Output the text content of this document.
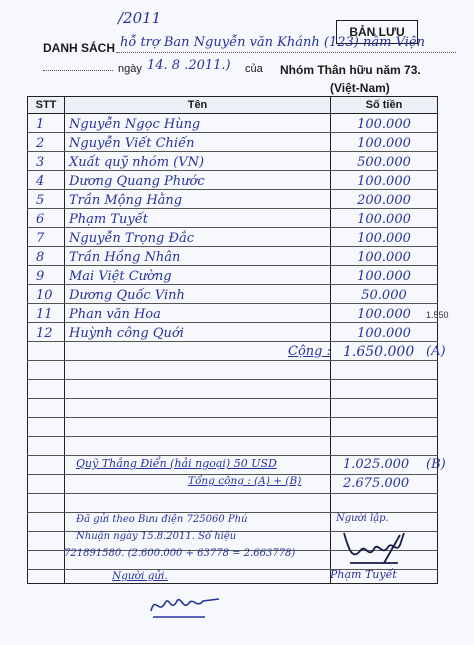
/2011
BẢN LƯU
DANH SÁCH hỗ trợ Ban Nguyễn văn Khánh (123) nằm Viện
ngày 14. 8 .2011.) của Nhóm Thân hữu năm 73.
(Việt-Nam)
STT	Tên	Số tiền
1	Nguyễn Ngọc Hùng	100.000
2	Nguyễn Viết Chiến	100.000
3	Xuất quỹ nhóm (VN)	500.000
4	Dương Quang Phước	100.000
5	Trần Mộng Hằng	200.000
6	Phạm Tuyết	100.000
7	Nguyễn Trọng Đắc	100.000
8	Trần Hồng Nhân	100.000
9	Mai Việt Cường	100.000
10	Dương Quốc Vinh	50.000
11	Phan văn Hoa	100.000
12	Huỳnh công Quới	100.000

1.550
Cộng : 1.650.000 (A)
Quỹ Thắng Điển (hải ngoại) 50 USD	1.025.000 (B)
Tổng cộng : (A) + (B)	2.675.000
Đã gửi theo Bưu điện 725060 Phú
Nhuận ngày 15.8.2011. Số hiệu
721891580. (2.600.000 + 63778 = 2.663778)
Người gửi.
Người lập.
Phạm Tuyết
